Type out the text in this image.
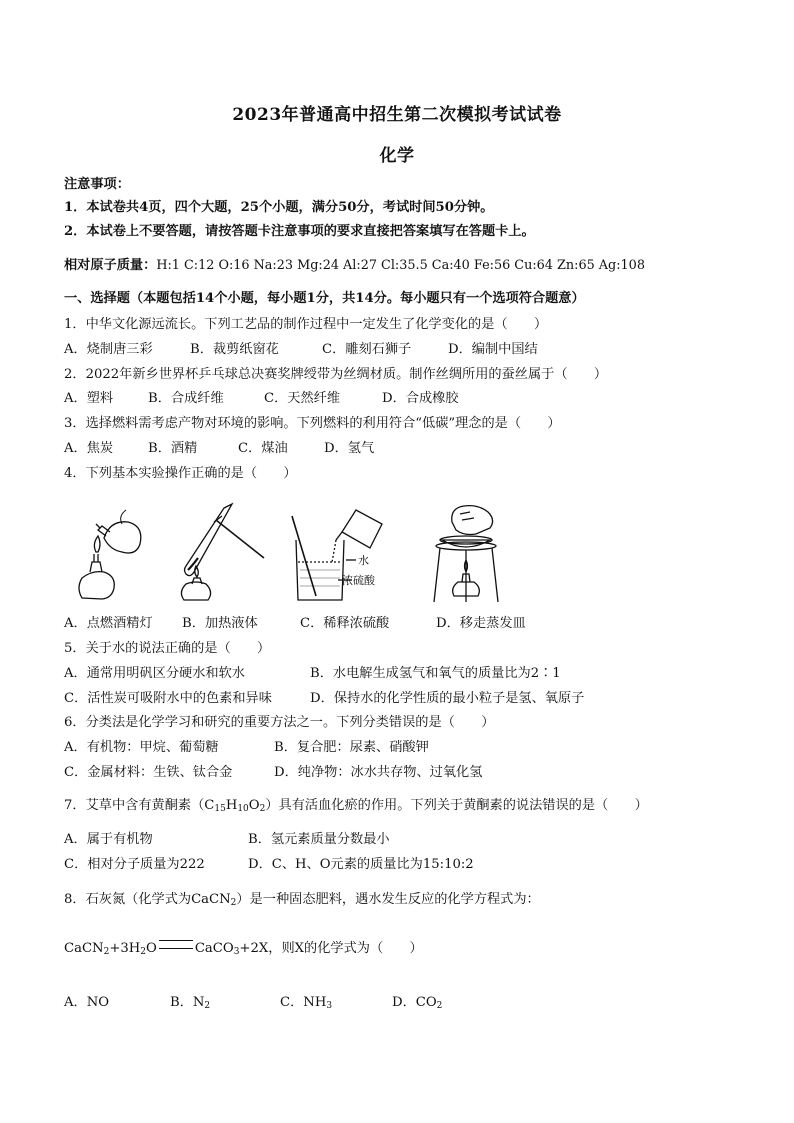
2023年普通高中招生第二次模拟考试试卷
化学
注意事项：
1．本试卷共4页，四个大题，25个小题，满分50分，考试时间50分钟。
2．本试卷上不要答题，请按答题卡注意事项的要求直接把答案填写在答题卡上。
相对原子质量：H:1 C:12 O:16 Na:23 Mg:24 Al:27 Cl:35.5 Ca:40 Fe:56 Cu:64 Zn:65 Ag:108
一、选择题（本题包括14个小题，每小题1分，共14分。每小题只有一个选项符合题意）
1．中华文化源远流长。下列工艺品的制作过程中一定发生了化学变化的是（　　）
A．烧制唐三彩	B．裁剪纸窗花	C．雕刻石狮子	D．编制中国结
2．2022年新乡世界杯乒乓球总决赛奖牌绶带为丝绸材质。制作丝绸所用的蚕丝属于（　　）
A．塑料	B．合成纤维	C．天然纤维	D．合成橡胶
3．选择燃料需考虑产物对环境的影响。下列燃料的利用符合“低碳”理念的是（　　）
A．焦炭	B．酒精	C．煤油	D．氢气
4．下列基本实验操作正确的是（　　）
水
浓硫酸
A．点燃酒精灯 B．加热液体	C．稀释浓硫酸	D．移走蒸发皿
5．关于水的说法正确的是（　　）
A．通常用明矾区分硬水和软水	B．水电解生成氢气和氧气的质量比为2∶1
C．活性炭可吸附水中的色素和异味	D．保持水的化学性质的最小粒子是氢、氧原子
6．分类法是化学学习和研究的重要方法之一。下列分类错误的是（　　）
A．有机物：甲烷、葡萄糖	B．复合肥：尿素、硝酸钾
C．金属材料：生铁、钛合金	D．纯净物：冰水共存物、过氧化氢
7．艾草中含有黄酮素$(C_{15}H_{10}O_2)$具有活血化瘀的作用。下列关于黄酮素的说法错误的是（　　）
A．属于有机物	B．氢元素质量分数最小
C．相对分子质量为222	D．C、H、O元素的质量比为15:10:2
8．石灰氮（化学式为CaCN$_2$）是一种固态肥料，遇水发生反应的化学方程式为：
$CaCN_2+3H_2O$	CaCO$_3$+2X，则X的化学式为（　　）
A．NO	B．$N_2$	C．$NH_3$	D．$CO_2$
